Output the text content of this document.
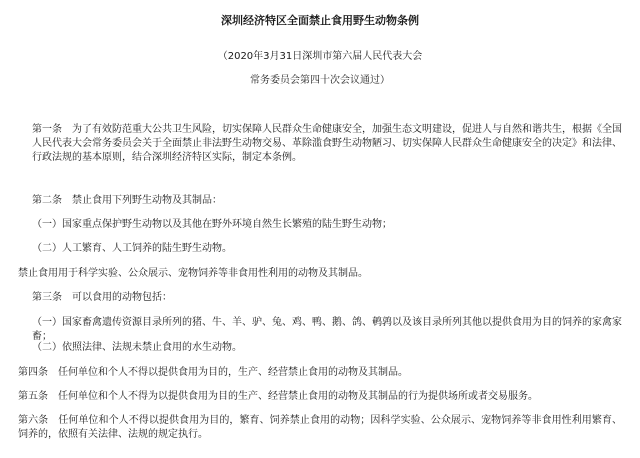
深圳经济特区全面禁止食用野生动物条例
（2020年3月31日深圳市第六届人民代表大会
常务委员会第四十次会议通过）

第一条 为了有效防范重大公共卫生风险，切实保障人民群众生命健康安全，加强生态文明建设，促进人与自然和谐共生，根据《全国人民代表大会常务委员会关于全面禁止非法野生动物交易、革除滥食野生动物陋习、切实保障人民群众生命健康安全的决定》和法律、行政法规的基本原则，结合深圳经济特区实际，制定本条例。

第二条 禁止食用下列野生动物及其制品：

（一）国家重点保护野生动物以及其他在野外环境自然生长繁殖的陆生野生动物；

（二）人工繁育、人工饲养的陆生野生动物。

禁止食用用于科学实验、公众展示、宠物饲养等非食用性利用的动物及其制品。

第三条 可以食用的动物包括：

（一）国家畜禽遗传资源目录所列的猪、牛、羊、驴、兔、鸡、鸭、鹅、鸽、鹌鹑以及该目录所列其他以提供食用为目的饲养的家禽家畜；

（二）依照法律、法规未禁止食用的水生动物。

第四条 任何单位和个人不得以提供食用为目的，生产、经营禁止食用的动物及其制品。

第五条 任何单位和个人不得为以提供食用为目的生产、经营禁止食用的动物及其制品的行为提供场所或者交易服务。

第六条 任何单位和个人不得以提供食用为目的，繁育、饲养禁止食用的动物；因科学实验、公众展示、宠物饲养等非食用性利用繁育、饲养的，依照有关法律、法规的规定执行。
